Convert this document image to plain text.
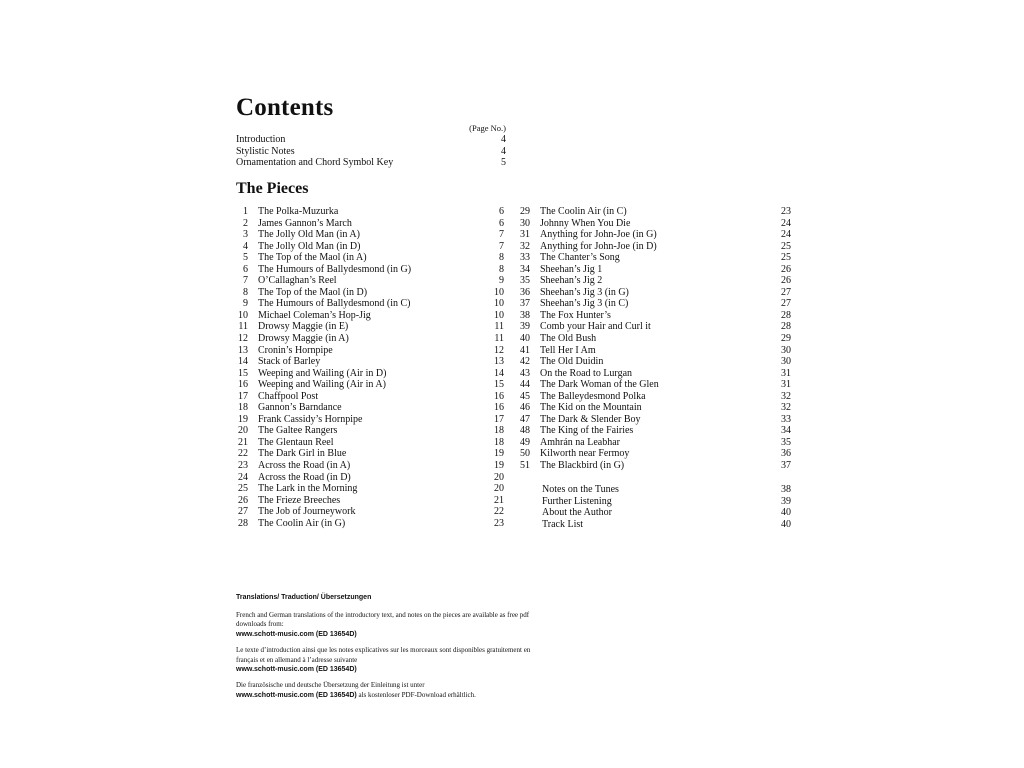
Contents
(Page No.)
Introduction	4
Stylistic Notes	4
Ornamentation and Chord Symbol Key	5
The Pieces
1 The Polka-Muzurka	6
2 James Gannon’s March	6
3 The Jolly Old Man (in A)	7
4 The Jolly Old Man (in D)	7
5 The Top of the Maol (in A)	8
6 The Humours of Ballydesmond (in G)	8
7 O’Callaghan’s Reel	9
8 The Top of the Maol (in D)	10
9 The Humours of Ballydesmond (in C)	10
10 Michael Coleman’s Hop-Jig	10
11 Drowsy Maggie (in E)	11
12 Drowsy Maggie (in A)	11
13 Cronin’s Hornpipe	12
14 Stack of Barley	13
15 Weeping and Wailing (Air in D)	14
16 Weeping and Wailing (Air in A)	15
17 Chaffpool Post	16
18 Gannon’s Barndance	16
19 Frank Cassidy’s Hornpipe	17
20 The Galtee Rangers	18
21 The Glentaun Reel	18
22 The Dark Girl in Blue	19
23 Across the Road (in A)	19
24 Across the Road (in D)	20
25 The Lark in the Morning	20
26 The Frieze Breeches	21
27 The Job of Journeywork	22
28 The Coolin Air (in G)	23
29 The Coolin Air (in C)	23
30 Johnny When You Die	24
31 Anything for John-Joe (in G)	24
32 Anything for John-Joe (in D)	25
33 The Chanter’s Song	25
34 Sheehan’s Jig 1	26
35 Sheehan’s Jig 2	26
36 Sheehan’s Jig 3 (in G)	27
37 Sheehan’s Jig 3 (in C)	27
38 The Fox Hunter’s	28
39 Comb your Hair and Curl it	28
40 The Old Bush	29
41 Tell Her I Am	30
42 The Old Duidin	30
43 On the Road to Lurgan	31
44 The Dark Woman of the Glen	31
45 The Balleydesmond Polka	32
46 The Kid on the Mountain	32
47 The Dark & Slender Boy	33
48 The King of the Fairies	34
49 Amhrán na Leabhar	35
50 Kilworth near Fermoy	36
51 The Blackbird (in G)	37
Notes on the Tunes	38
Further Listening	39
About the Author	40
Track List	40
Translations/ Traduction/ Übersetzungen

French and German translations of the introductory text, and notes on the pieces are available as free pdf downloads from:
www.schott-music.com (ED 13654D)

Le texte d’introduction ainsi que les notes explicatives sur les morceaux sont disponibles gratuitement en français et en allemand à l’adresse suivante
www.schott-music.com (ED 13654D)

Die französische und deutsche Übersetzung der Einleitung ist unter
www.schott-music.com (ED 13654D) als kostenloser PDF-Download erhältlich.
